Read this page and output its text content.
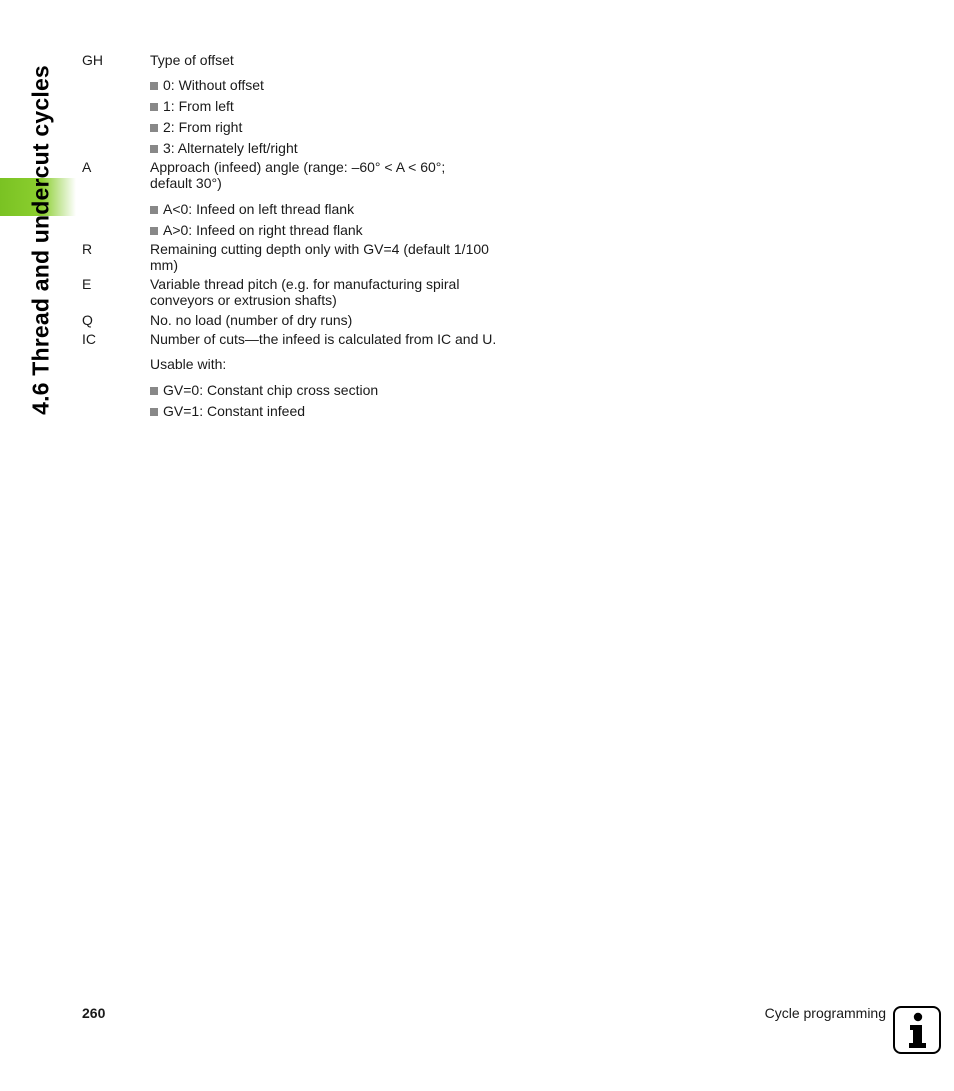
4.6 Thread and undercut cycles
GH	Type of offset
0: Without offset
1: From left
2: From right
3: Alternately left/right
A	Approach (infeed) angle (range: –60° < A < 60°;
default 30°)
A<0: Infeed on left thread flank
A>0: Infeed on right thread flank
R	Remaining cutting depth only with GV=4 (default 1/100
mm)
E	Variable thread pitch (e.g. for manufacturing spiral
conveyors or extrusion shafts)
Q	No. no load (number of dry runs)
IC	Number of cuts—the infeed is calculated from IC and U.
Usable with:
GV=0: Constant chip cross section
GV=1: Constant infeed
260	Cycle programming
